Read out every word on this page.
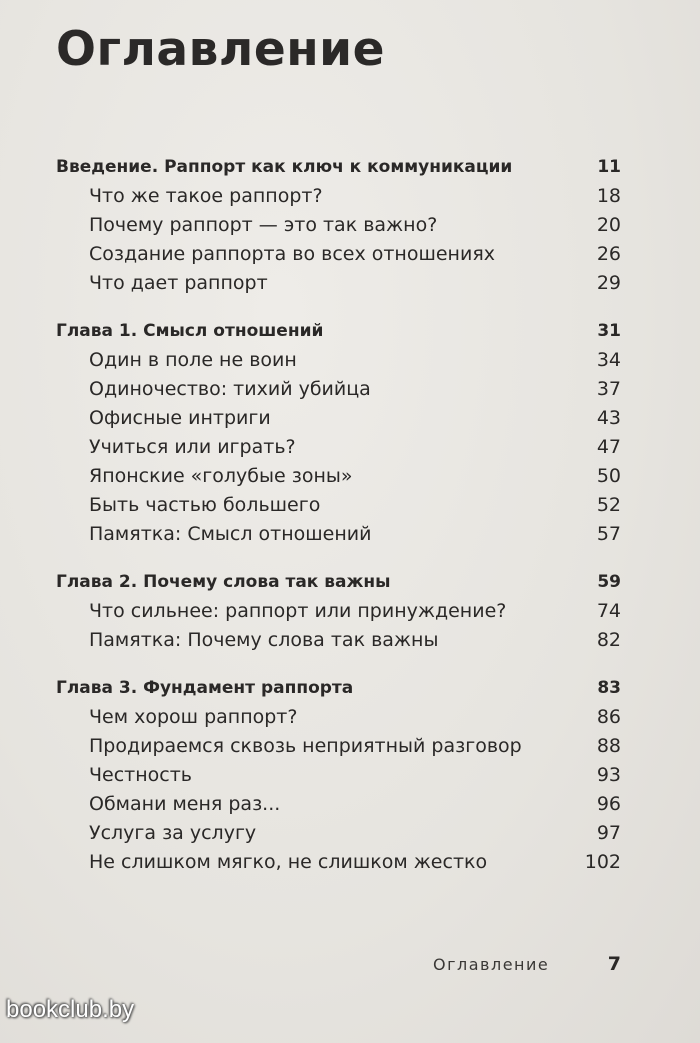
Оглавление
Введение. Раппорт как ключ к коммуникации	11
Что же такое раппорт?	18
Почему раппорт — это так важно?	20
Создание раппорта во всех отношениях	26
Что дает раппорт	29
Глава 1. Смысл отношений	31
Один в поле не воин	34
Одиночество: тихий убийца	37
Офисные интриги	43
Учиться или играть?	47
Японские «голубые зоны»	50
Быть частью большего	52
Памятка: Смысл отношений	57
Глава 2. Почему слова так важны	59
Что сильнее: раппорт или принуждение?	74
Памятка: Почему слова так важны	82
Глава 3. Фундамент раппорта	83
Чем хорош раппорт?	86
Продираемся сквозь неприятный разговор	88
Честность	93
Обмани меня раз...	96
Услуга за услугу	97
Не слишком мягко, не слишком жестко	102
Оглавление	7
bookclub.by
